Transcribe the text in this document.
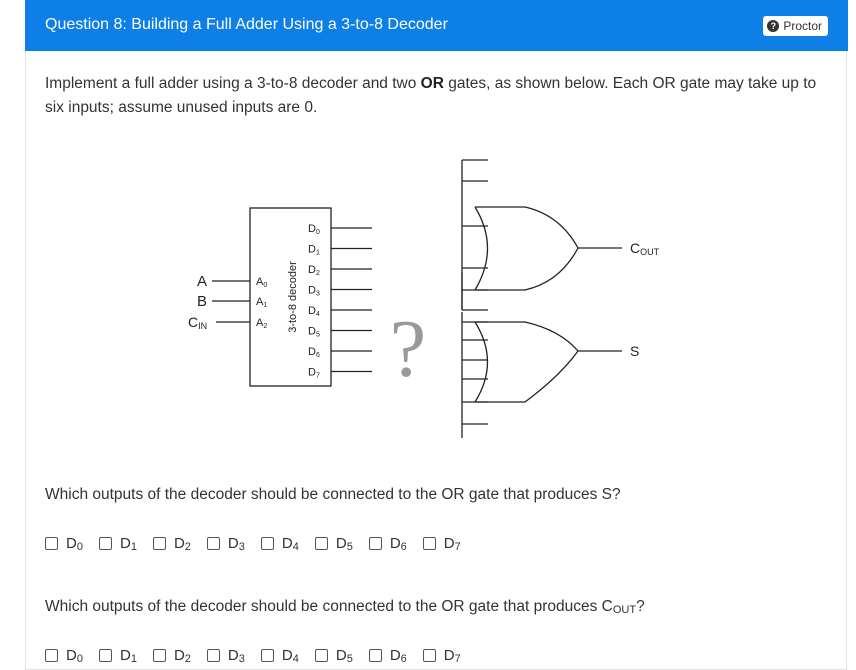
Question 8: Building a Full Adder Using a 3-to-8 Decoder	? Proctor
Implement a full adder using a 3-to-8 decoder and two OR gates, as shown below. Each OR gate may take up to six inputs; assume unused inputs are 0.
A
B
CIN	3-to-8 decoder
A0
A1
A2
D0
D1
D2
D3
D4
D5
D6
D7 ?
COUT
S
Which outputs of the decoder should be connected to the OR gate that produces S?
D 0 D 1 D 2 D 3 D 4 D 5 D 6 D 7
Which outputs of the decoder should be connected to the OR gate that produces COUT?
D 0 D 1 D 2 D 3 D 4 D 5 D 6 D 7
